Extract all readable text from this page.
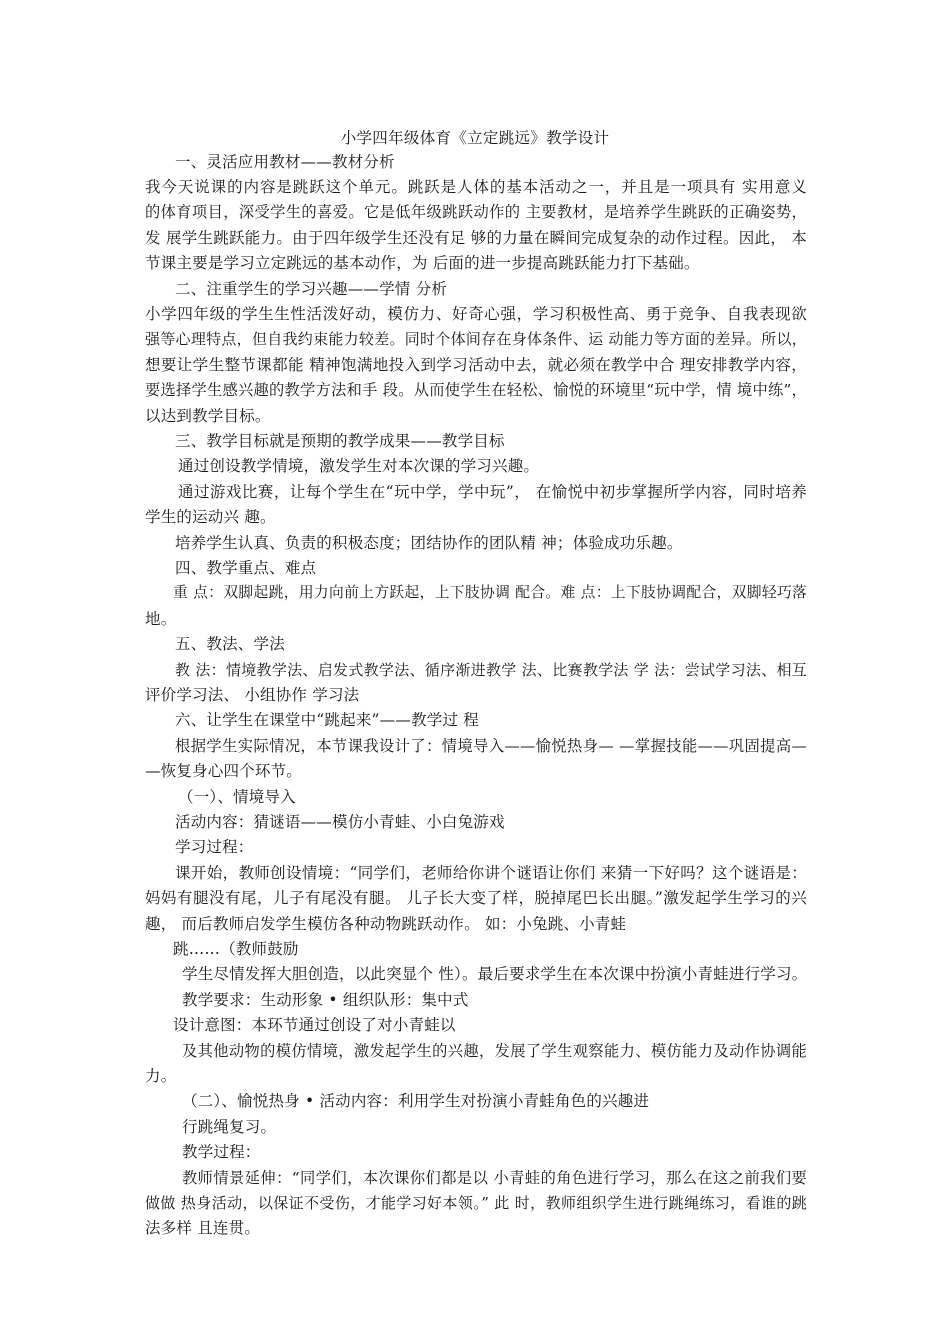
小学四年级体育《立定跳远》教学设计
一、灵活应用教材——教材分析
我今天说课的内容是跳跃这个单元。跳跃是人体的基本活动之一，并且是一项具有 实用意义
的体育项目，深受学生的喜爱。它是低年级跳跃动作的 主要教材，是培养学生跳跃的正确姿势，
发 展学生跳跃能力。由于四年级学生还没有足 够的力量在瞬间完成复杂的动作过程。因此， 本
节课主要是学习立定跳远的基本动作，为 后面的进一步提高跳跃能力打下基础。
二、注重学生的学习兴趣——学情 分析
小学四年级的学生生性活泼好动，模仿力、好奇心强，学习积极性高、勇于竞争、自我表现欲
强等心理特点，但自我约束能力较差。同时个体间存在身体条件、运 动能力等方面的差异。所以，
想要让学生整节课都能 精神饱满地投入到学习活动中去，就必须在教学中合 理安排教学内容，
要选择学生感兴趣的教学方法和手 段。从而使学生在轻松、愉悦的环境里“玩中学，情 境中练”，
以达到教学目标。
三、教学目标就是预期的教学成果——教学目标
通过创设教学情境，激发学生对本次课的学习兴趣。
通过游戏比赛，让每个学生在“玩中学，学中玩”， 在愉悦中初步掌握所学内容，同时培养
学生的运动兴 趣。
培养学生认真、负责的积极态度；团结协作的团队精 神；体验成功乐趣。
四、教学重点、难点
重 点：双脚起跳，用力向前上方跃起，上下肢协调 配合。难 点：上下肢协调配合，双脚轻巧落
地。
五、教法、学法
教 法：情境教学法、启发式教学法、循序渐进教学 法、比赛教学法 学 法：尝试学习法、相互
评价学习法、 小组协作 学习法
六、让学生在课堂中“跳起来”——教学过 程
根据学生实际情况，本节课我设计了：情境导入——愉悦热身— —掌握技能——巩固提高—
—恢复身心四个环节。
（一）、情境导入
活动内容：猜谜语——模仿小青蛙、小白兔游戏
学习过程：
课开始，教师创设情境：“同学们，老师给你讲个谜语让你们 来猜一下好吗？这个谜语是：
妈妈有腿没有尾，儿子有尾没有腿。 儿子长大变了样，脱掉尾巴长出腿。”激发起学生学习的兴
趣， 而后教师启发学生模仿各种动物跳跃动作。 如：小兔跳、小青蛙
跳……（教师鼓励
学生尽情发挥大胆创造，以此突显个 性）。最后要求学生在本次课中扮演小青蛙进行学习。
教学要求：生动形象 • 组织队形：集中式
设计意图：本环节通过创设了对小青蛙以
及其他动物的模仿情境，激发起学生的兴趣，发展了学生观察能力、模仿能力及动作协调能
力。
（二）、愉悦热身 • 活动内容：利用学生对扮演小青蛙角色的兴趣进
行跳绳复习。
教学过程：
教师情景延伸：“同学们，本次课你们都是以 小青蛙的角色进行学习，那么在这之前我们要
做做 热身活动，以保证不受伤，才能学习好本领。” 此 时，教师组织学生进行跳绳练习，看谁的跳
法多样 且连贯。
